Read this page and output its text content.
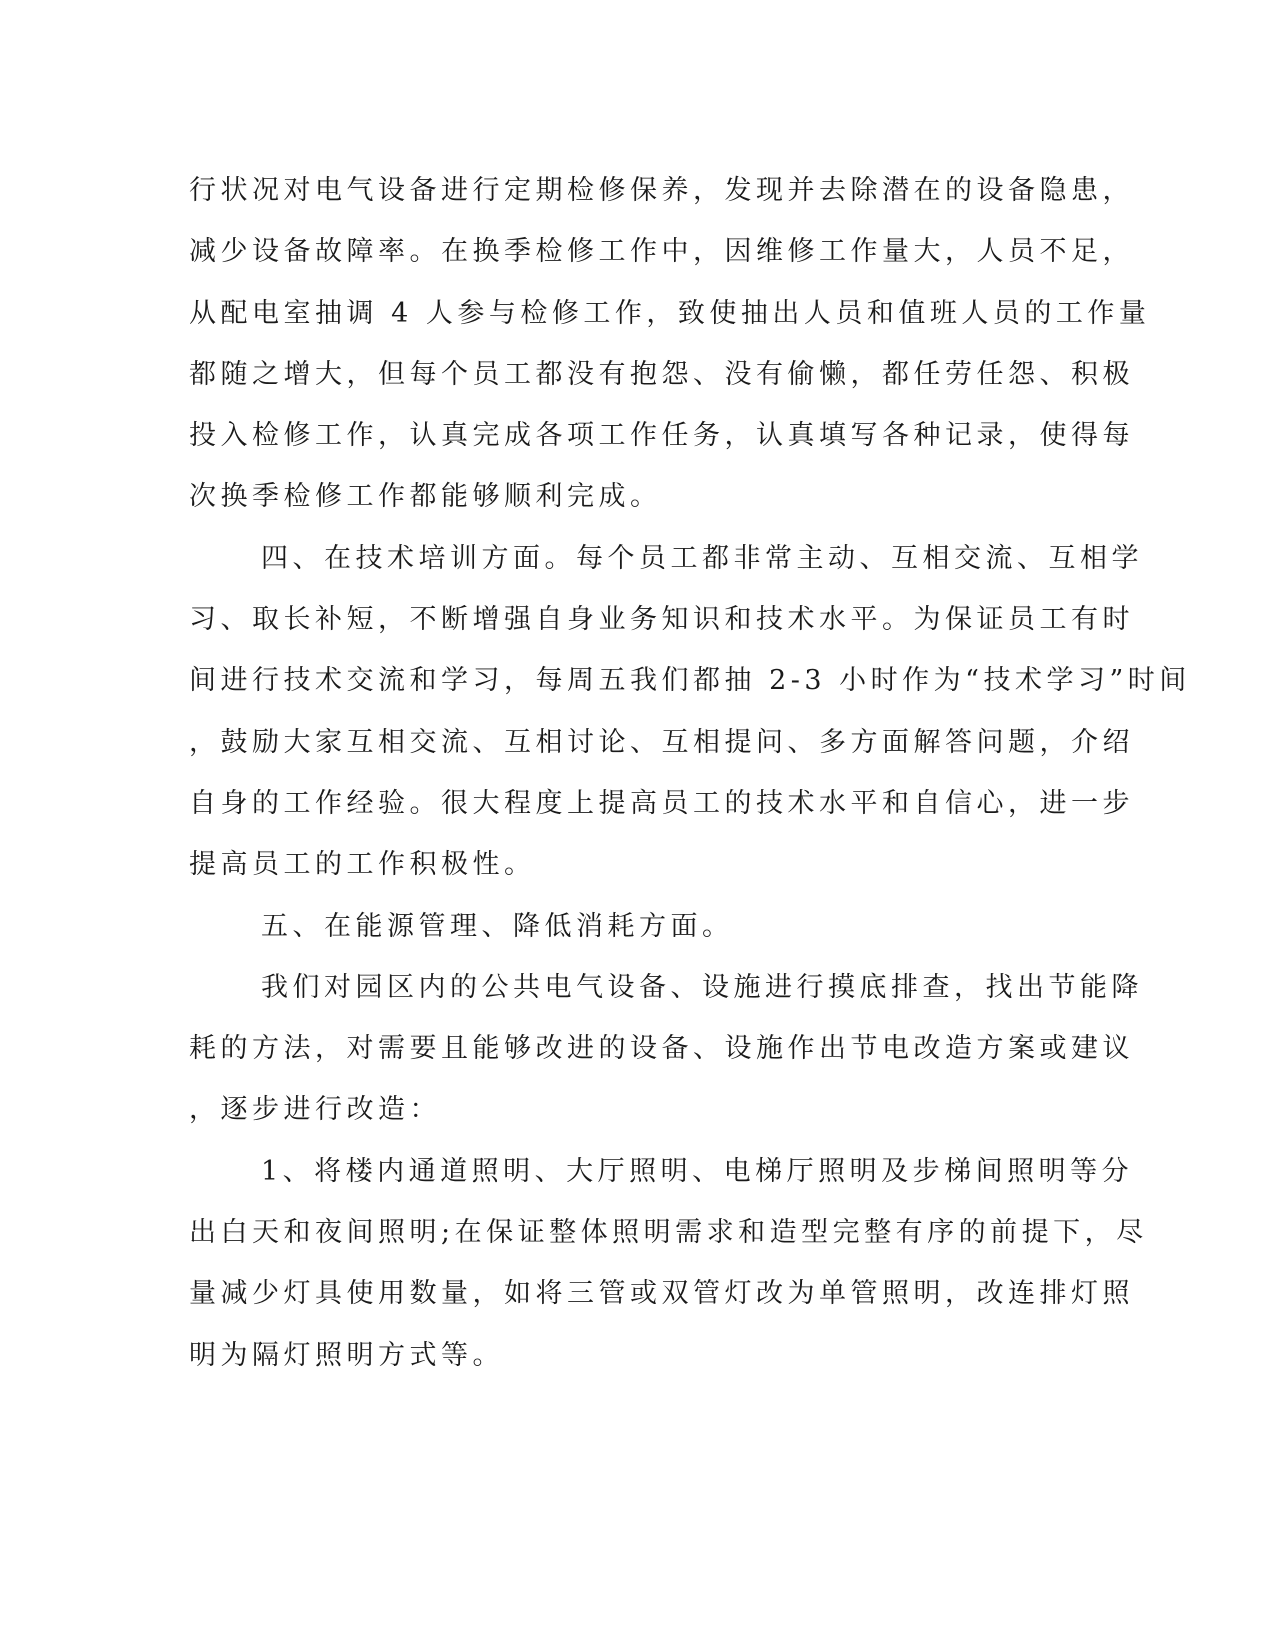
行状况对电气设备进行定期检修保养，发现并去除潜在的设备隐患，
减少设备故障率。在换季检修工作中，因维修工作量大，人员不足，
从配电室抽调 4 人参与检修工作，致使抽出人员和值班人员的工作量
都随之增大，但每个员工都没有抱怨、没有偷懒，都任劳任怨、积极
投入检修工作，认真完成各项工作任务，认真填写各种记录，使得每
次换季检修工作都能够顺利完成。
四、在技术培训方面。每个员工都非常主动、互相交流、互相学
习、取长补短，不断增强自身业务知识和技术水平。为保证员工有时
间进行技术交流和学习，每周五我们都抽 2-3 小时作为“技术学习”时间
，鼓励大家互相交流、互相讨论、互相提问、多方面解答问题，介绍
自身的工作经验。很大程度上提高员工的技术水平和自信心，进一步
提高员工的工作积极性。
五、在能源管理、降低消耗方面。
我们对园区内的公共电气设备、设施进行摸底排查，找出节能降
耗的方法，对需要且能够改进的设备、设施作出节电改造方案或建议
，逐步进行改造：
1、将楼内通道照明、大厅照明、电梯厅照明及步梯间照明等分
出白天和夜间照明;在保证整体照明需求和造型完整有序的前提下，尽
量减少灯具使用数量，如将三管或双管灯改为单管照明，改连排灯照
明为隔灯照明方式等。
